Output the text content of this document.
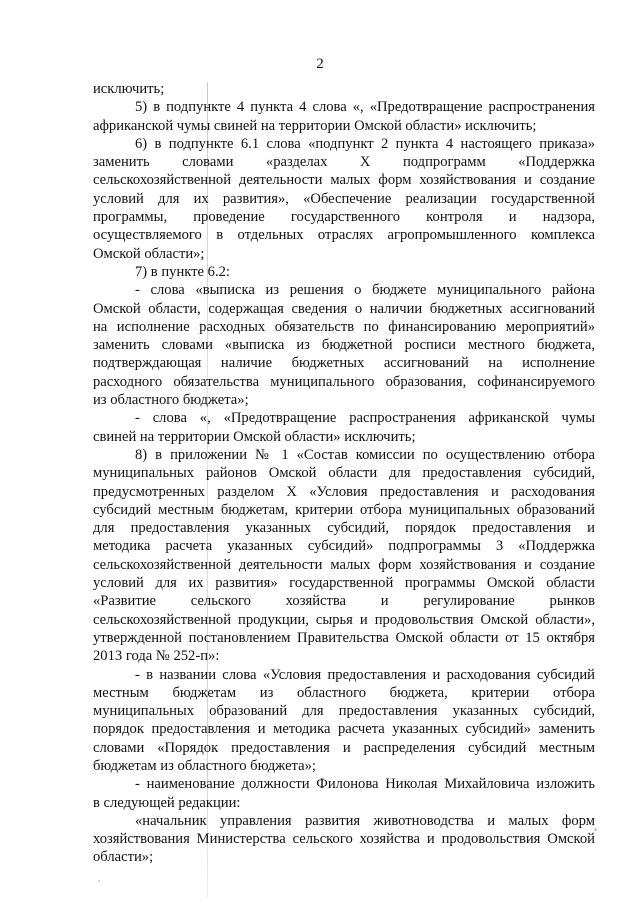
2
исключить;
5) в подпункте 4 пункта 4 слова «, «Предотвращение распространения
африканской чумы свиней на территории Омской области» исключить;
6) в подпункте 6.1 слова «подпункт 2 пункта 4 настоящего приказа»
заменить словами «разделах X подпрограмм «Поддержка
сельскохозяйственной деятельности малых форм хозяйствования и создание
условий для их развития», «Обеспечение реализации государственной
программы, проведение государственного контроля и надзора,
осуществляемого в отдельных отраслях агропромышленного комплекса
Омской области»;
7) в пункте 6.2:
- слова «выписка из решения о бюджете муниципального района
Омской области, содержащая сведения о наличии бюджетных ассигнований
на исполнение расходных обязательств по финансированию мероприятий»
заменить словами «выписка из бюджетной росписи местного бюджета,
подтверждающая наличие бюджетных ассигнований на исполнение
расходного обязательства муниципального образования, софинансируемого
из областного бюджета»;
- слова «, «Предотвращение распространения африканской чумы
свиней на территории Омской области» исключить;
8) в приложении № 1 «Состав комиссии по осуществлению отбора
муниципальных районов Омской области для предоставления субсидий,
предусмотренных разделом X «Условия предоставления и расходования
субсидий местным бюджетам, критерии отбора муниципальных образований
для предоставления указанных субсидий, порядок предоставления и
методика расчета указанных субсидий» подпрограммы 3 «Поддержка
сельскохозяйственной деятельности малых форм хозяйствования и создание
условий для их развития» государственной программы Омской области
«Развитие сельского хозяйства и регулирование рынков
сельскохозяйственной продукции, сырья и продовольствия Омской области»,
утвержденной постановлением Правительства Омской области от 15 октября
2013 года № 252-п»:
- в названии слова «Условия предоставления и расходования субсидий
местным бюджетам из областного бюджета, критерии отбора
муниципальных образований для предоставления указанных субсидий,
порядок предоставления и методика расчета указанных субсидий» заменить
словами «Порядок предоставления и распределения субсидий местным
бюджетам из областного бюджета»;
- наименование должности Филонова Николая Михайловича изложить
в следующей редакции:
«начальник управления развития животноводства и малых форм
хозяйствования Министерства сельского хозяйства и продовольствия Омской
области»;
